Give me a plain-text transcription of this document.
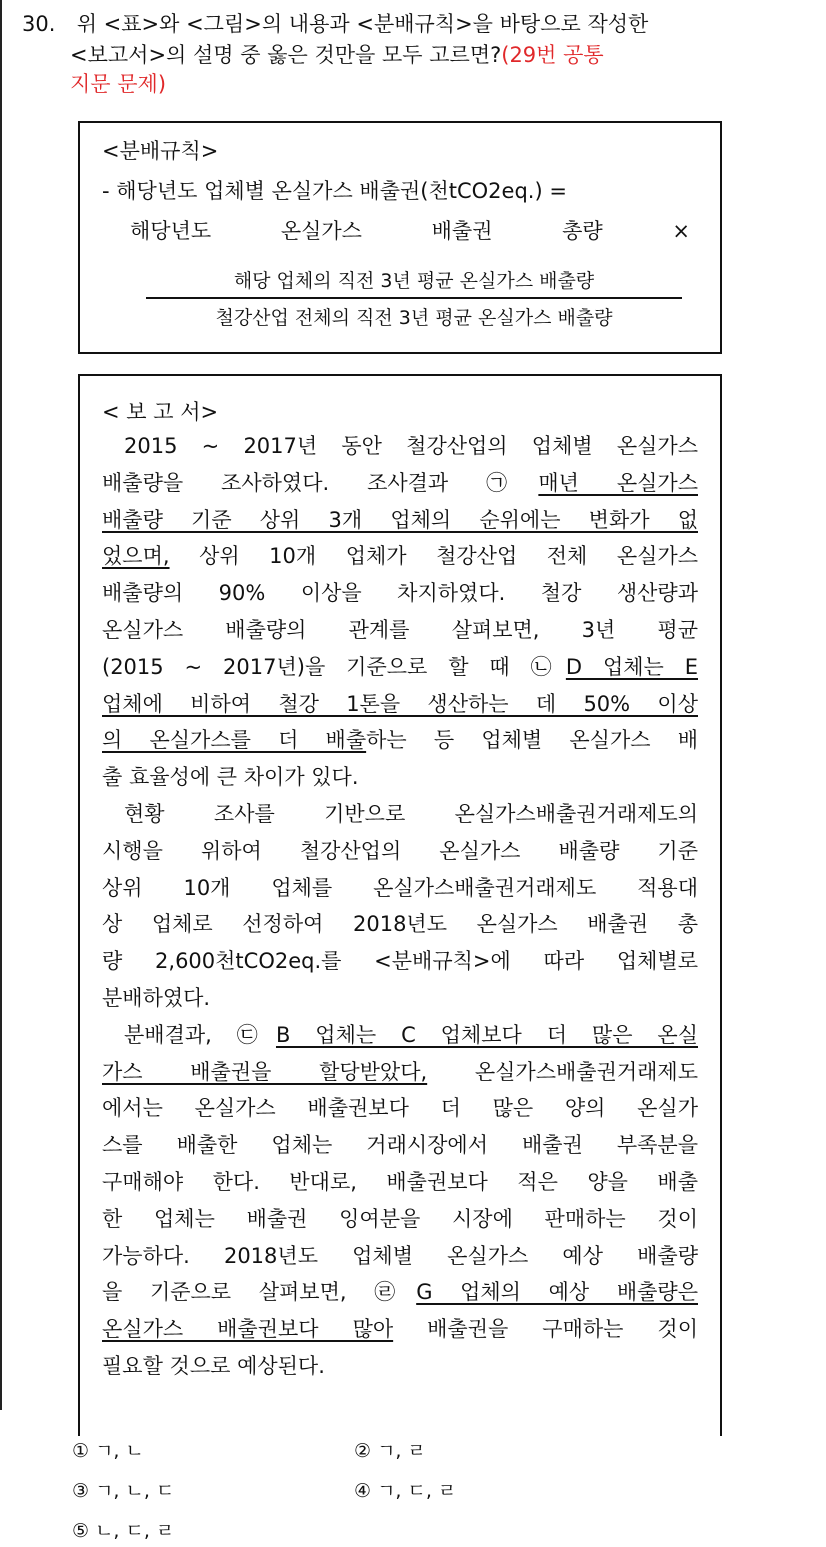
30. 위 <표>와 <그림>의 내용과 <분배규칙>을 바탕으로 작성한
<보고서>의 설명 중 옳은 것만을 모두 고르면?(29번 공통
지문 문제)
<분배규칙>
- 해당년도 업체별 온실가스 배출권(천tCO2eq.) =
해당년도	온실가스	배출권	총량	×
해당 업체의 직전 3년 평균 온실가스 배출량
철강산업 전체의 직전 3년 평균 온실가스 배출량
< 보 고 서>
2015 ~ 2017년 동안 철강산업의 업체별 온실가스
배출량을 조사하였다. 조사결과 ㉠매년 온실가스
배출량 기준 상위 3개 업체의 순위에는 변화가 없
었으며, 상위 10개 업체가 철강산업 전체 온실가스
배출량의 90% 이상을 차지하였다. 철강 생산량과
온실가스 배출량의 관계를 살펴보면, 3년 평균
(2015 ~ 2017년)을 기준으로 할 때 ㉡D 업체는 E
업체에 비하여 철강 1톤을 생산하는 데 50% 이상
의 온실가스를 더 배출하는 등 업체별 온실가스 배
출 효율성에 큰 차이가 있다.
현황 조사를 기반으로 온실가스배출권거래제도의
시행을 위하여 철강산업의 온실가스 배출량 기준
상위 10개 업체를 온실가스배출권거래제도 적용대
상 업체로 선정하여 2018년도 온실가스 배출권 총
량 2,600천tCO2eq.를 <분배규칙>에 따라 업체별로
분배하였다.
분배결과, ㉢B 업체는 C 업체보다 더 많은 온실
가스 배출권을 할당받았다, 온실가스배출권거래제도
에서는 온실가스 배출권보다 더 많은 양의 온실가
스를 배출한 업체는 거래시장에서 배출권 부족분을
구매해야 한다. 반대로, 배출권보다 적은 양을 배출
한 업체는 배출권 잉여분을 시장에 판매하는 것이
가능하다. 2018년도 업체별 온실가스 예상 배출량
을 기준으로 살펴보면, ㉣G 업체의 예상 배출량은
온실가스 배출권보다 많아 배출권을 구매하는 것이
필요할 것으로 예상된다.
① ㄱ, ㄴ	② ㄱ, ㄹ
③ ㄱ, ㄴ, ㄷ	④ ㄱ, ㄷ, ㄹ
⑤ ㄴ, ㄷ, ㄹ
